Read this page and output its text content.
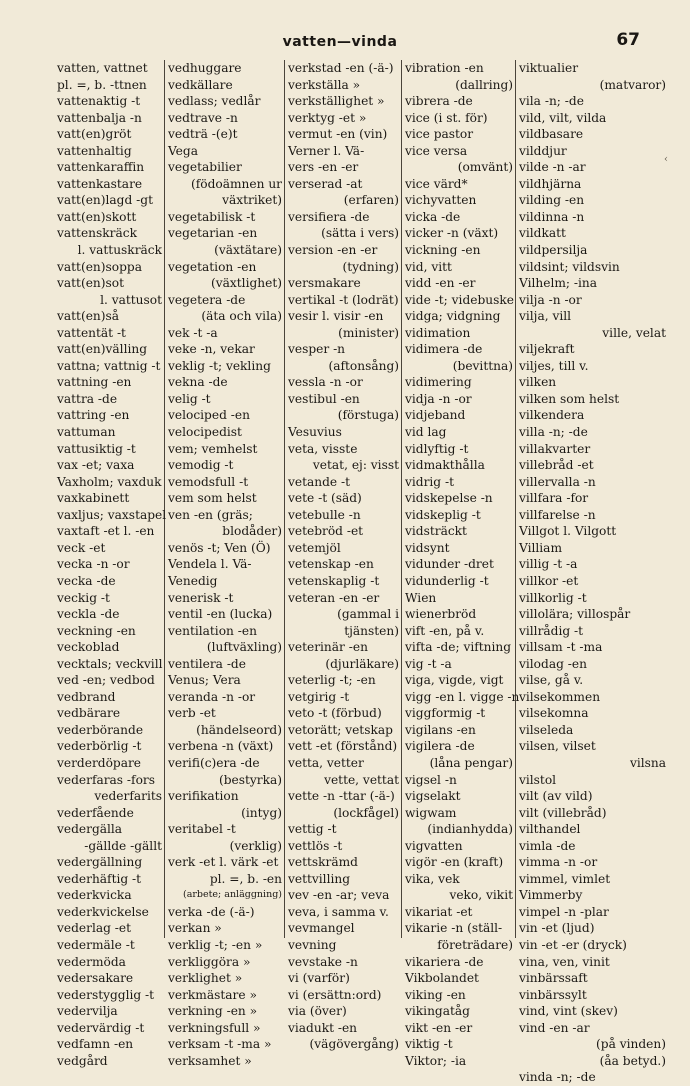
vatten—vinda	67
vatten, vattnet
pl. =, b. -ttnen
vattenaktig -t
vattenbalja -n
vatt(en)gröt
vattenhaltig
vattenkaraffin
vattenkastare
vatt(en)lagd -gt
vatt(en)skott
vattenskräck
l. vattuskräck
vatt(en)soppa
vatt(en)sot
l. vattusot
vatt(en)så
vattentät -t
vatt(en)välling
vattna; vattnig -t
vattning -en
vattra -de
vattring -en
vattuman
vattusiktig -t
vax -et; vaxa
Vaxholm; vaxduk
vaxkabinett
vaxljus; vaxstapel
vaxtaft -et l. -en
veck -et
vecka -n -or
vecka -de
veckig -t
veckla -de
veckning -en
veckoblad
vecktals; veckvill
ved -en; vedbod
vedbrand
vedbärare
vederbörande
vederbörlig -t
verderdöpare
vederfaras -fors
vederfarits
vederfående
vedergälla
-gällde -gällt
vedergällning
vederhäftig -t
vederkvicka
vederkvickelse
vederlag -et
vedermäle -t
vedermöda
vedersakare
vederstygglig -t
vedervilja
vedervärdig -t
vedfamn -en
vedgård
vedhuggare
vedkällare
vedlass; vedlår
vedtrave -n
vedträ -(e)t
Vega
vegetabilier
(födoämnen ur
växtriket)
vegetabilisk -t
vegetarian -en
(växtätare)
vegetation -en
(växtlighet)
vegetera -de
(äta och vila)
vek -t -a
veke -n, vekar
veklig -t; vekling
vekna -de
velig -t
velociped -en
velocipedist
vem; vemhelst
vemodig -t
vemodsfull -t
vem som helst
ven -en (gräs;
blodåder)
venös -t; Ven (Ö)
Vendela l. Vä-
Venedig
venerisk -t
ventil -en (lucka)
ventilation -en
(luftväxling)
ventilera -de
Venus; Vera
veranda -n -or
verb -et
(händelseord)
verbena -n (växt)
verifi(c)era -de
(bestyrka)
verifikation
(intyg)
veritabel -t
(verklig)
verk -et l. värk -et
pl. =, b. -en
(arbete; anläggning)
verka -de (-ä-)
verkan »
verklig -t; -en »
verkliggöra »
verklighet »
verkmästare »
verkning -en »
verkningsfull »
verksam -t -ma »
verksamhet »
verkstad -en (-ä-)
verkställa »
verkställighet »
verktyg -et »
vermut -en (vin)
Verner l. Vä-
vers -en -er
verserad -at
(erfaren)
versifiera -de
(sätta i vers)
version -en -er
(tydning)
versmakare
vertikal -t (lodrät)
vesir l. visir -en
(minister)
vesper -n
(aftonsång)
vessla -n -or
vestibul -en
(förstuga)
Vesuvius
veta, visste
vetat, ej: visst
vetande -t
vete -t (säd)
vetebulle -n
vetebröd -et
vetemjöl
vetenskap -en
vetenskaplig -t
veteran -en -er
(gammal i
tjänsten)
veterinär -en
(djurläkare)
veterlig -t; -en
vetgirig -t
veto -t (förbud)
vetorätt; vetskap
vett -et (förstånd)
vetta, vetter
vette, vettat
vette -n -ttar (-ä-)
(lockfågel)
vettig -t
vettlös -t
vettskrämd
vettvilling
vev -en -ar; veva
veva, i samma v.
vevmangel
vevning
vevstake -n
vi (varför)
vi (ersättn:ord)
via (över)
viadukt -en
(vägövergång)
vibration -en
(dallring)
vibrera -de
vice (i st. för)
vice pastor
vice versa
(omvänt)
vice värd*
vichyvatten
vicka -de
vicker -n (växt)
vickning -en
vid, vitt
vidd -en -er
vide -t; videbuske
vidga; vidgning
vidimation
vidimera -de
(bevittna)
vidimering
vidja -n -or
vidjeband
vid lag
vidlyftig -t
vidmakthålla
vidrig -t
vidskepelse -n
vidskeplig -t
vidsträckt
vidsynt
vidunder -dret
vidunderlig -t
Wien
wienerbröd
vift -en, på v.
vifta -de; viftning
vig -t -a
viga, vigde, vigt
vigg -en l. vigge -n
viggformig -t
vigilans -en
vigilera -de
(låna pengar)
vigsel -n
vigselakt
wigwam
(indianhydda)
vigvatten
vigör -en (kraft)
vika, vek
veko, vikit
vikariat -et
vikarie -n (ställ-
företrädare)
vikariera -de
Vikbolandet
viking -en
vikingatåg
vikt -en -er
viktig -t
Viktor; -ia
viktualier
(matvaror)
vila -n; -de
vild, vilt, vilda
vildbasare
vilddjur
vilde -n -ar
vildhjärna
vilding -en
vildinna -n
vildkatt
vildpersilja
vildsint; vildsvin
Vilhelm; -ina
vilja -n -or
vilja, vill
ville, velat
viljekraft
viljes, till v.
vilken
vilken som helst
vilkendera
villa -n; -de
villakvarter
villebråd -et
villervalla -n
villfara -for
villfarelse -n
Villgot l. Vilgott
Villiam
villig -t -a
villkor -et
villkorlig -t
villolära; villospår
villrådig -t
villsam -t -ma
vilodag -en
vilse, gå v.
vilsekommen
vilsekomna
vilseleda
vilsen, vilset
vilsna
vilstol
vilt (av vild)
vilt (villebråd)
vilthandel
vimla -de
vimma -n -or
vimmel, vimlet
Vimmerby
vimpel -n -plar
vin -et (ljud)
vin -et -er (dryck)
vina, ven, vinit
vinbärssaft
vinbärssylt
vind, vint (skev)
vind -en -ar
(på vinden)
(åa betyd.)
vinda -n; -de
‹
